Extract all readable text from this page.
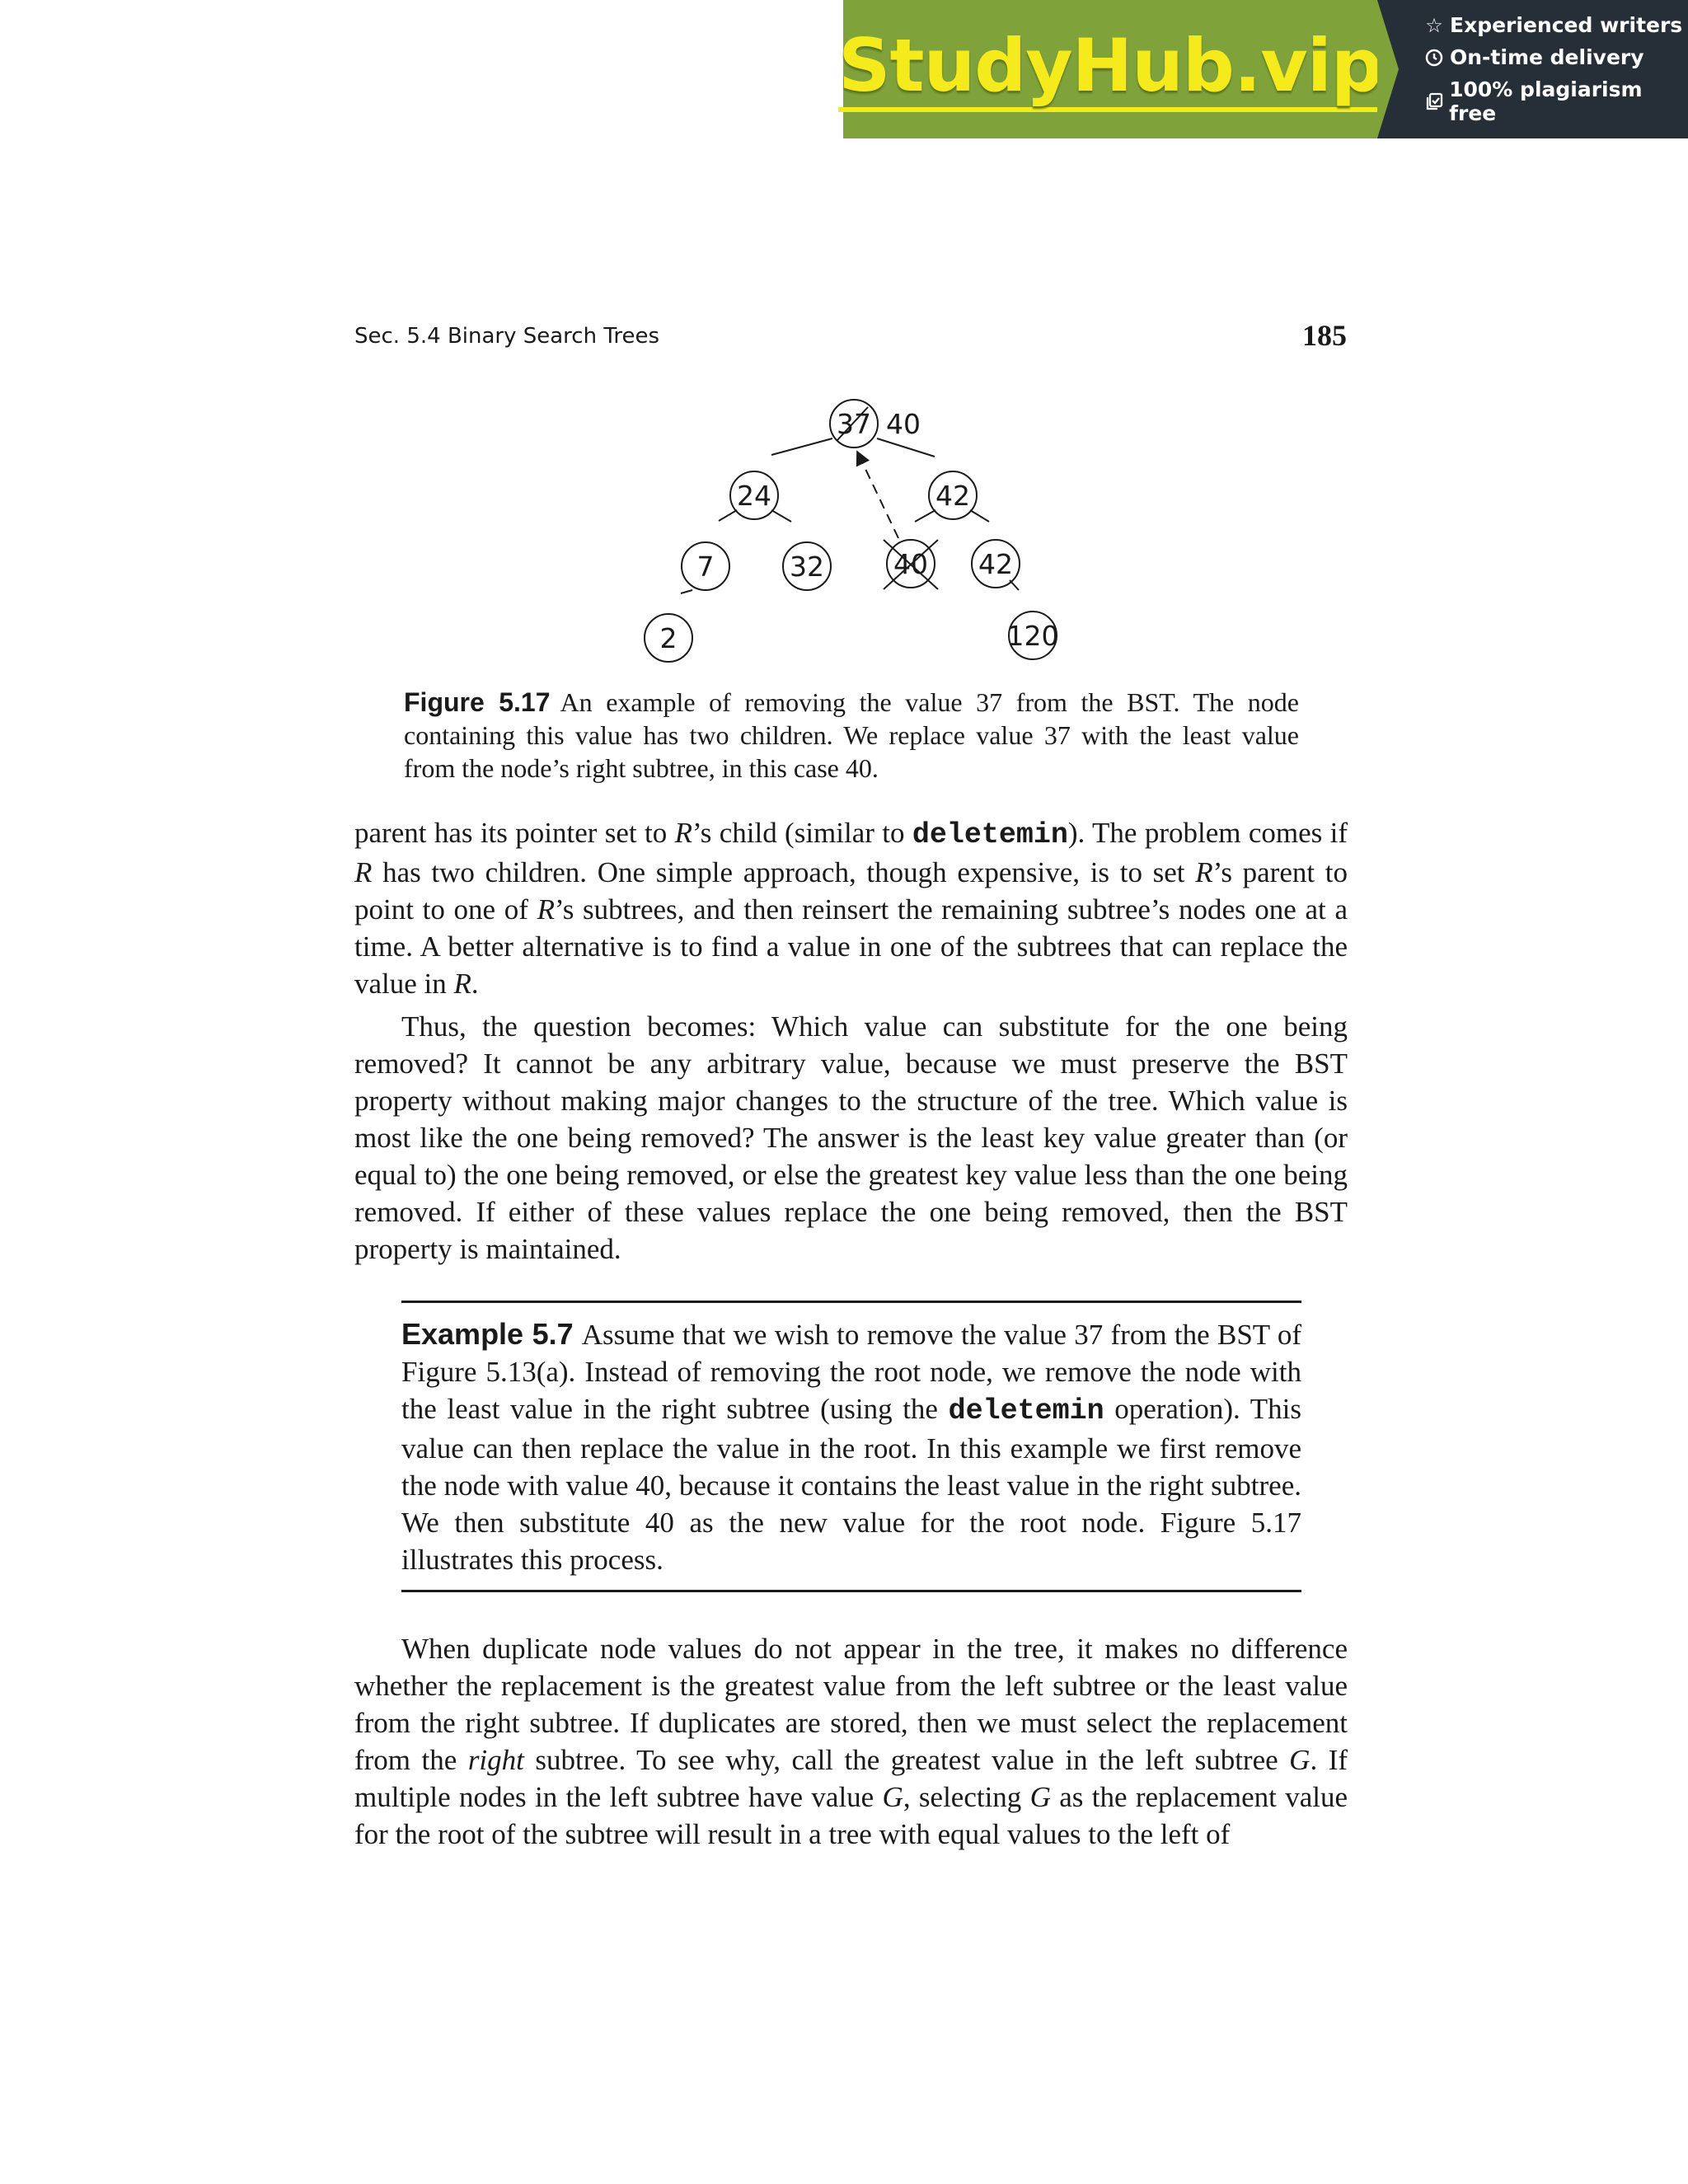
StudyHub.vip ☆ Experienced writers
On-time delivery
100% plagiarism free
Sec. 5.4 Binary Search Trees	185
37 40
24	42
7	32	40 42
2	120
Figure 5.17 An example of removing the value 37 from the BST. The node containing this value has two children. We replace value 37 with the least value from the node’s right subtree, in this case 40.
parent has its pointer set to R’s child (similar to deletemin). The problem comes if R has two children. One simple approach, though expensive, is to set R’s parent to point to one of R’s subtrees, and then reinsert the remaining subtree’s nodes one at a time. A better alternative is to find a value in one of the subtrees that can replace the value in R.
Thus, the question becomes: Which value can substitute for the one being removed? It cannot be any arbitrary value, because we must preserve the BST property without making major changes to the structure of the tree. Which value is most like the one being removed? The answer is the least key value greater than (or equal to) the one being removed, or else the greatest key value less than the one being removed. If either of these values replace the one being removed, then the BST property is maintained.
Example 5.7 Assume that we wish to remove the value 37 from the BST of Figure 5.13(a). Instead of removing the root node, we remove the node with the least value in the right subtree (using the deletemin operation). This value can then replace the value in the root. In this example we first remove the node with value 40, because it contains the least value in the right subtree. We then substitute 40 as the new value for the root node. Figure 5.17 illustrates this process.
When duplicate node values do not appear in the tree, it makes no difference whether the replacement is the greatest value from the left subtree or the least value from the right subtree. If duplicates are stored, then we must select the replacement from the right subtree. To see why, call the greatest value in the left subtree G. If multiple nodes in the left subtree have value G, selecting G as the replacement value for the root of the subtree will result in a tree with equal values to the left of
